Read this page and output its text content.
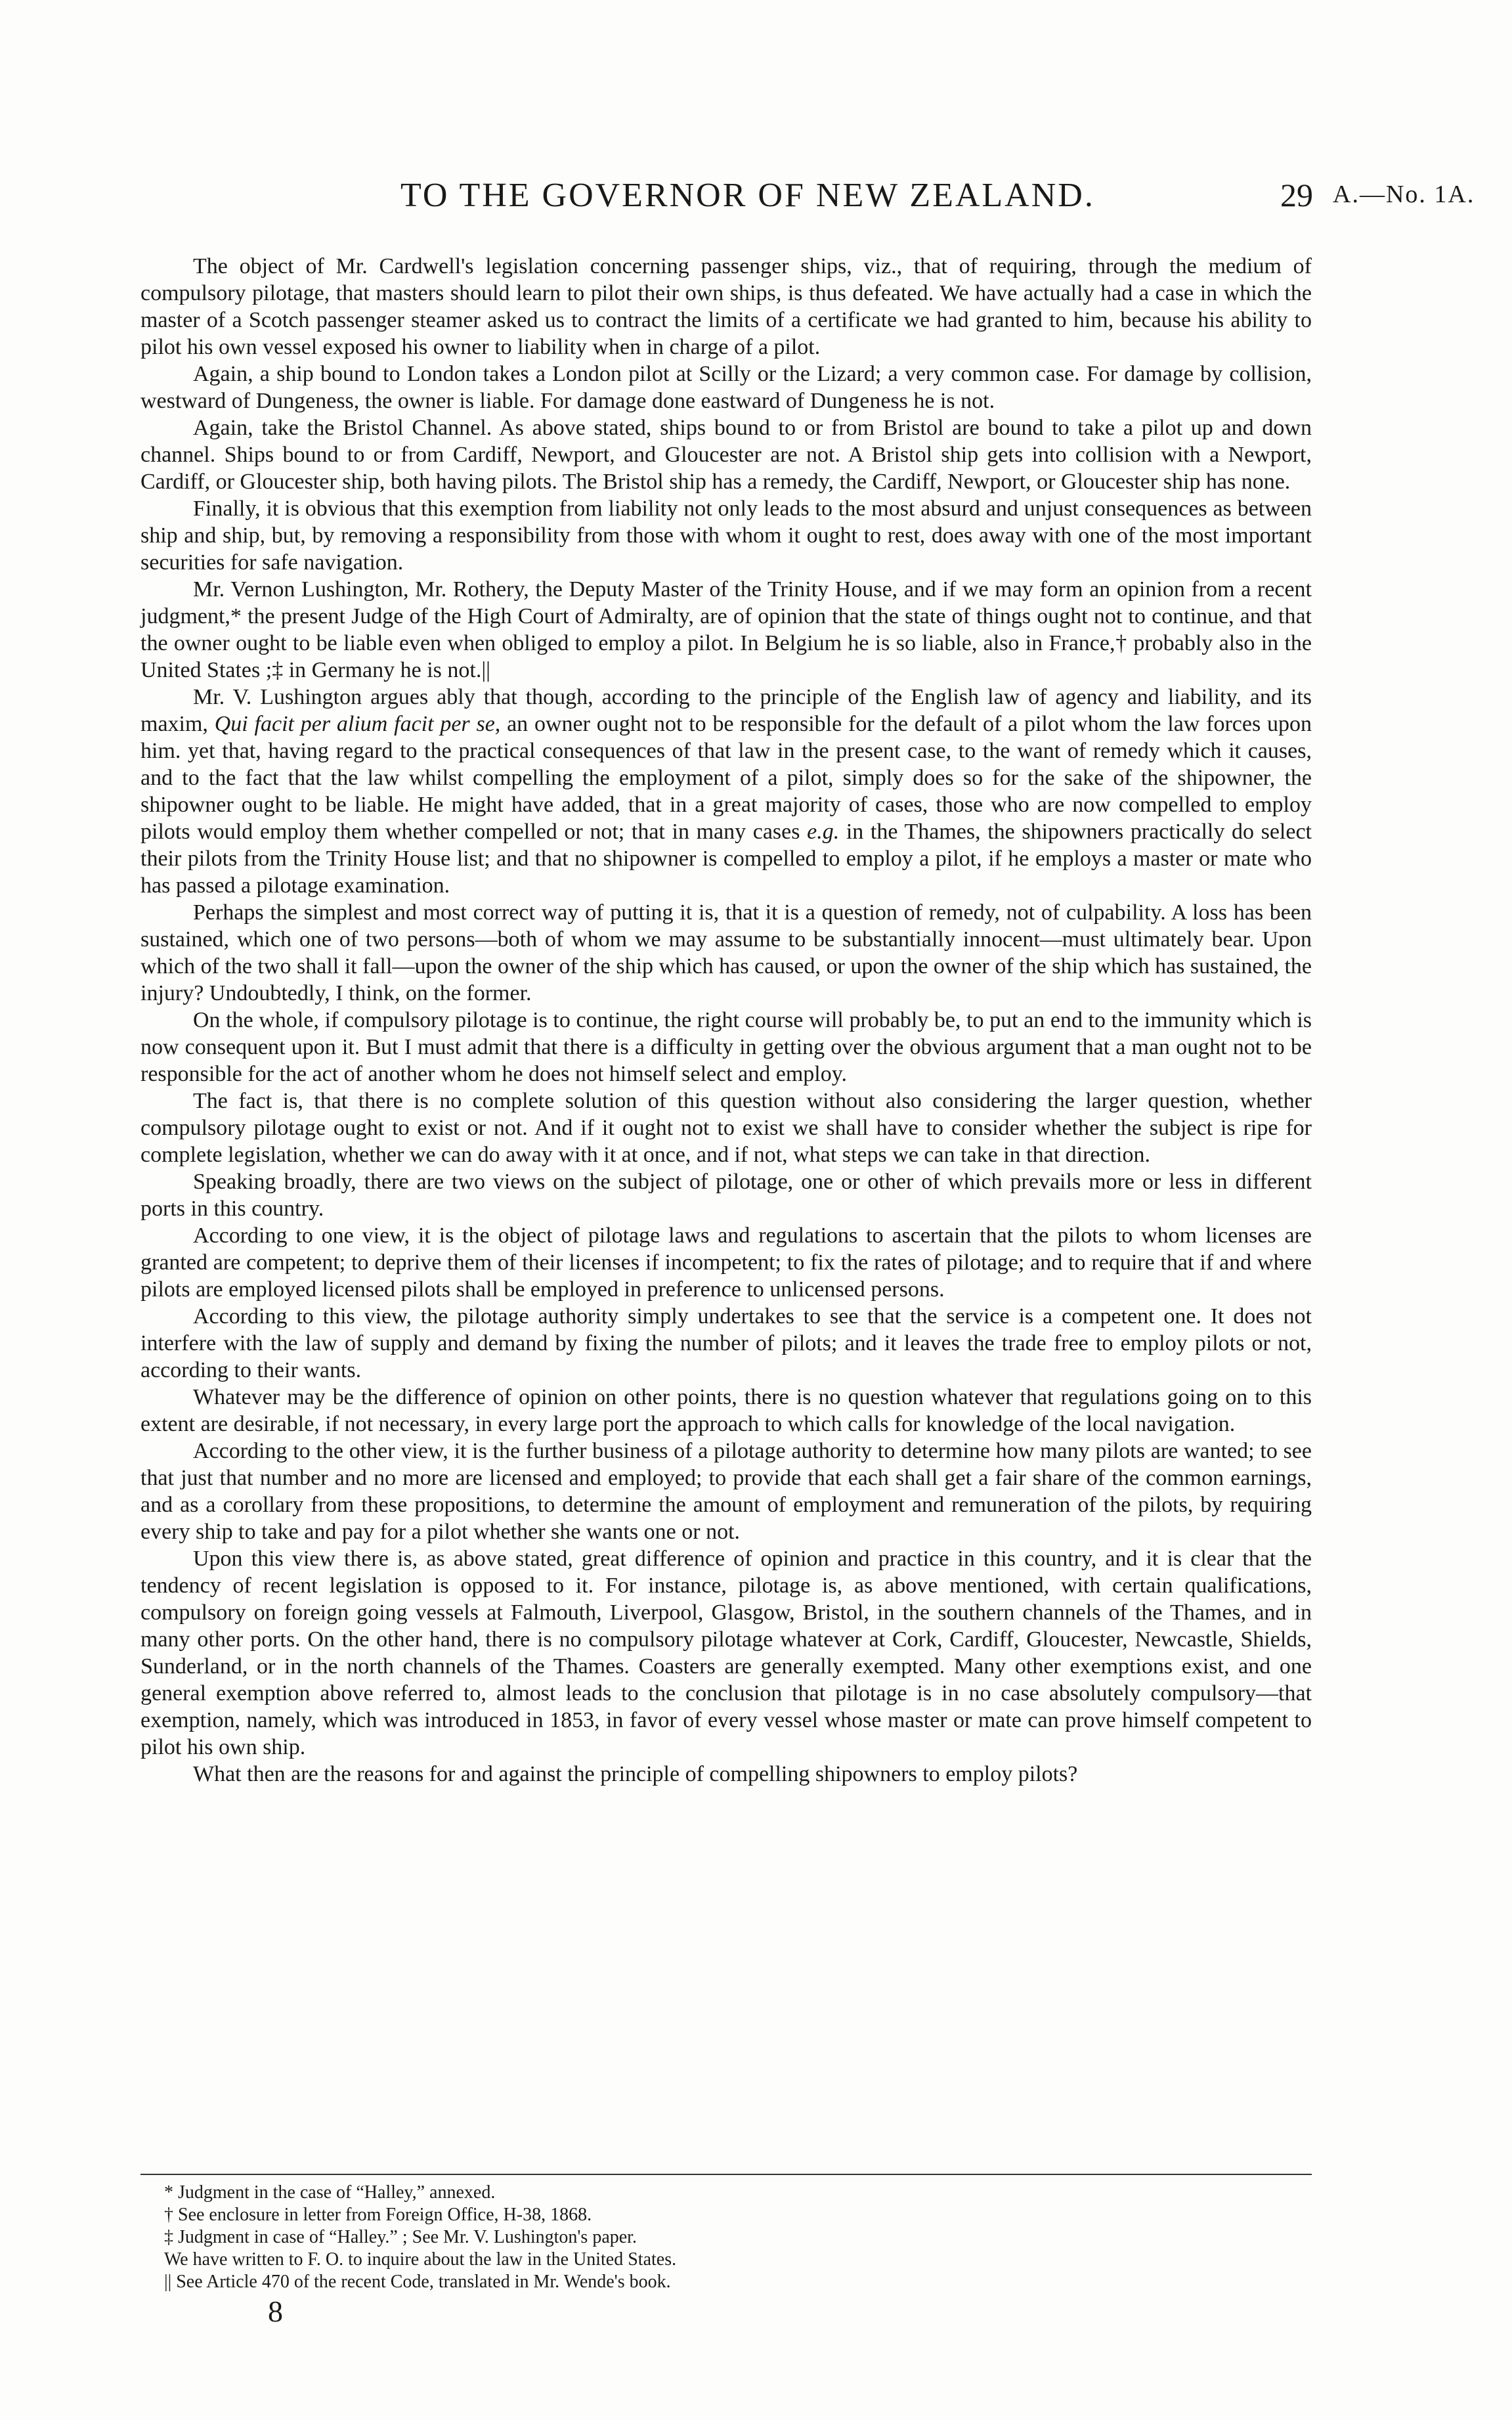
TO THE GOVERNOR OF NEW ZEALAND.	29 A.—No. 1A.

The object of Mr. Cardwell's legislation concerning passenger ships, viz., that of requiring, through the medium of compulsory pilotage, that masters should learn to pilot their own ships, is thus defeated. We have actually had a case in which the master of a Scotch passenger steamer asked us to contract the limits of a certificate we had granted to him, because his ability to pilot his own vessel exposed his owner to liability when in charge of a pilot.

Again, a ship bound to London takes a London pilot at Scilly or the Lizard; a very common case. For damage by collision, westward of Dungeness, the owner is liable. For damage done eastward of Dungeness he is not.

Again, take the Bristol Channel. As above stated, ships bound to or from Bristol are bound to take a pilot up and down channel. Ships bound to or from Cardiff, Newport, and Gloucester are not. A Bristol ship gets into collision with a Newport, Cardiff, or Gloucester ship, both having pilots. The Bristol ship has a remedy, the Cardiff, Newport, or Gloucester ship has none.

Finally, it is obvious that this exemption from liability not only leads to the most absurd and unjust consequences as between ship and ship, but, by removing a responsibility from those with whom it ought to rest, does away with one of the most important securities for safe navigation.

Mr. Vernon Lushington, Mr. Rothery, the Deputy Master of the Trinity House, and if we may form an opinion from a recent judgment,* the present Judge of the High Court of Admiralty, are of opinion that the state of things ought not to continue, and that the owner ought to be liable even when obliged to employ a pilot. In Belgium he is so liable, also in France,† probably also in the United States ;‡ in Germany he is not.||

Mr. V. Lushington argues ably that though, according to the principle of the English law of agency and liability, and its maxim, Qui facit per alium facit per se, an owner ought not to be responsible for the default of a pilot whom the law forces upon him. yet that, having regard to the practical consequences of that law in the present case, to the want of remedy which it causes, and to the fact that the law whilst compelling the employment of a pilot, simply does so for the sake of the shipowner, the shipowner ought to be liable. He might have added, that in a great majority of cases, those who are now compelled to employ pilots would employ them whether compelled or not; that in many cases e.g. in the Thames, the shipowners practically do select their pilots from the Trinity House list; and that no shipowner is compelled to employ a pilot, if he employs a master or mate who has passed a pilotage examination.

Perhaps the simplest and most correct way of putting it is, that it is a question of remedy, not of culpability. A loss has been sustained, which one of two persons—both of whom we may assume to be substantially innocent—must ultimately bear. Upon which of the two shall it fall—upon the owner of the ship which has caused, or upon the owner of the ship which has sustained, the injury? Undoubtedly, I think, on the former.

On the whole, if compulsory pilotage is to continue, the right course will probably be, to put an end to the immunity which is now consequent upon it. But I must admit that there is a difficulty in getting over the obvious argument that a man ought not to be responsible for the act of another whom he does not himself select and employ.

The fact is, that there is no complete solution of this question without also considering the larger question, whether compulsory pilotage ought to exist or not. And if it ought not to exist we shall have to consider whether the subject is ripe for complete legislation, whether we can do away with it at once, and if not, what steps we can take in that direction.

Speaking broadly, there are two views on the subject of pilotage, one or other of which prevails more or less in different ports in this country.

According to one view, it is the object of pilotage laws and regulations to ascertain that the pilots to whom licenses are granted are competent; to deprive them of their licenses if incompetent; to fix the rates of pilotage; and to require that if and where pilots are employed licensed pilots shall be employed in preference to unlicensed persons.

According to this view, the pilotage authority simply undertakes to see that the service is a competent one. It does not interfere with the law of supply and demand by fixing the number of pilots; and it leaves the trade free to employ pilots or not, according to their wants.

Whatever may be the difference of opinion on other points, there is no question whatever that regulations going on to this extent are desirable, if not necessary, in every large port the approach to which calls for knowledge of the local navigation.

According to the other view, it is the further business of a pilotage authority to determine how many pilots are wanted; to see that just that number and no more are licensed and employed; to provide that each shall get a fair share of the common earnings, and as a corollary from these propositions, to determine the amount of employment and remuneration of the pilots, by requiring every ship to take and pay for a pilot whether she wants one or not.

Upon this view there is, as above stated, great difference of opinion and practice in this country, and it is clear that the tendency of recent legislation is opposed to it. For instance, pilotage is, as above mentioned, with certain qualifications, compulsory on foreign going vessels at Falmouth, Liverpool, Glasgow, Bristol, in the southern channels of the Thames, and in many other ports. On the other hand, there is no compulsory pilotage whatever at Cork, Cardiff, Gloucester, Newcastle, Shields, Sunderland, or in the north channels of the Thames. Coasters are generally exempted. Many other exemptions exist, and one general exemption above referred to, almost leads to the conclusion that pilotage is in no case absolutely compulsory—that exemption, namely, which was introduced in 1853, in favor of every vessel whose master or mate can prove himself competent to pilot his own ship.

What then are the reasons for and against the principle of compelling shipowners to employ pilots?

* Judgment in the case of “Halley,” annexed.
† See enclosure in letter from Foreign Office, H-38, 1868.
‡ Judgment in case of “Halley.” ; See Mr. V. Lushington's paper.
We have written to F. O. to inquire about the law in the United States.
|| See Article 470 of the recent Code, translated in Mr. Wende's book.
8
